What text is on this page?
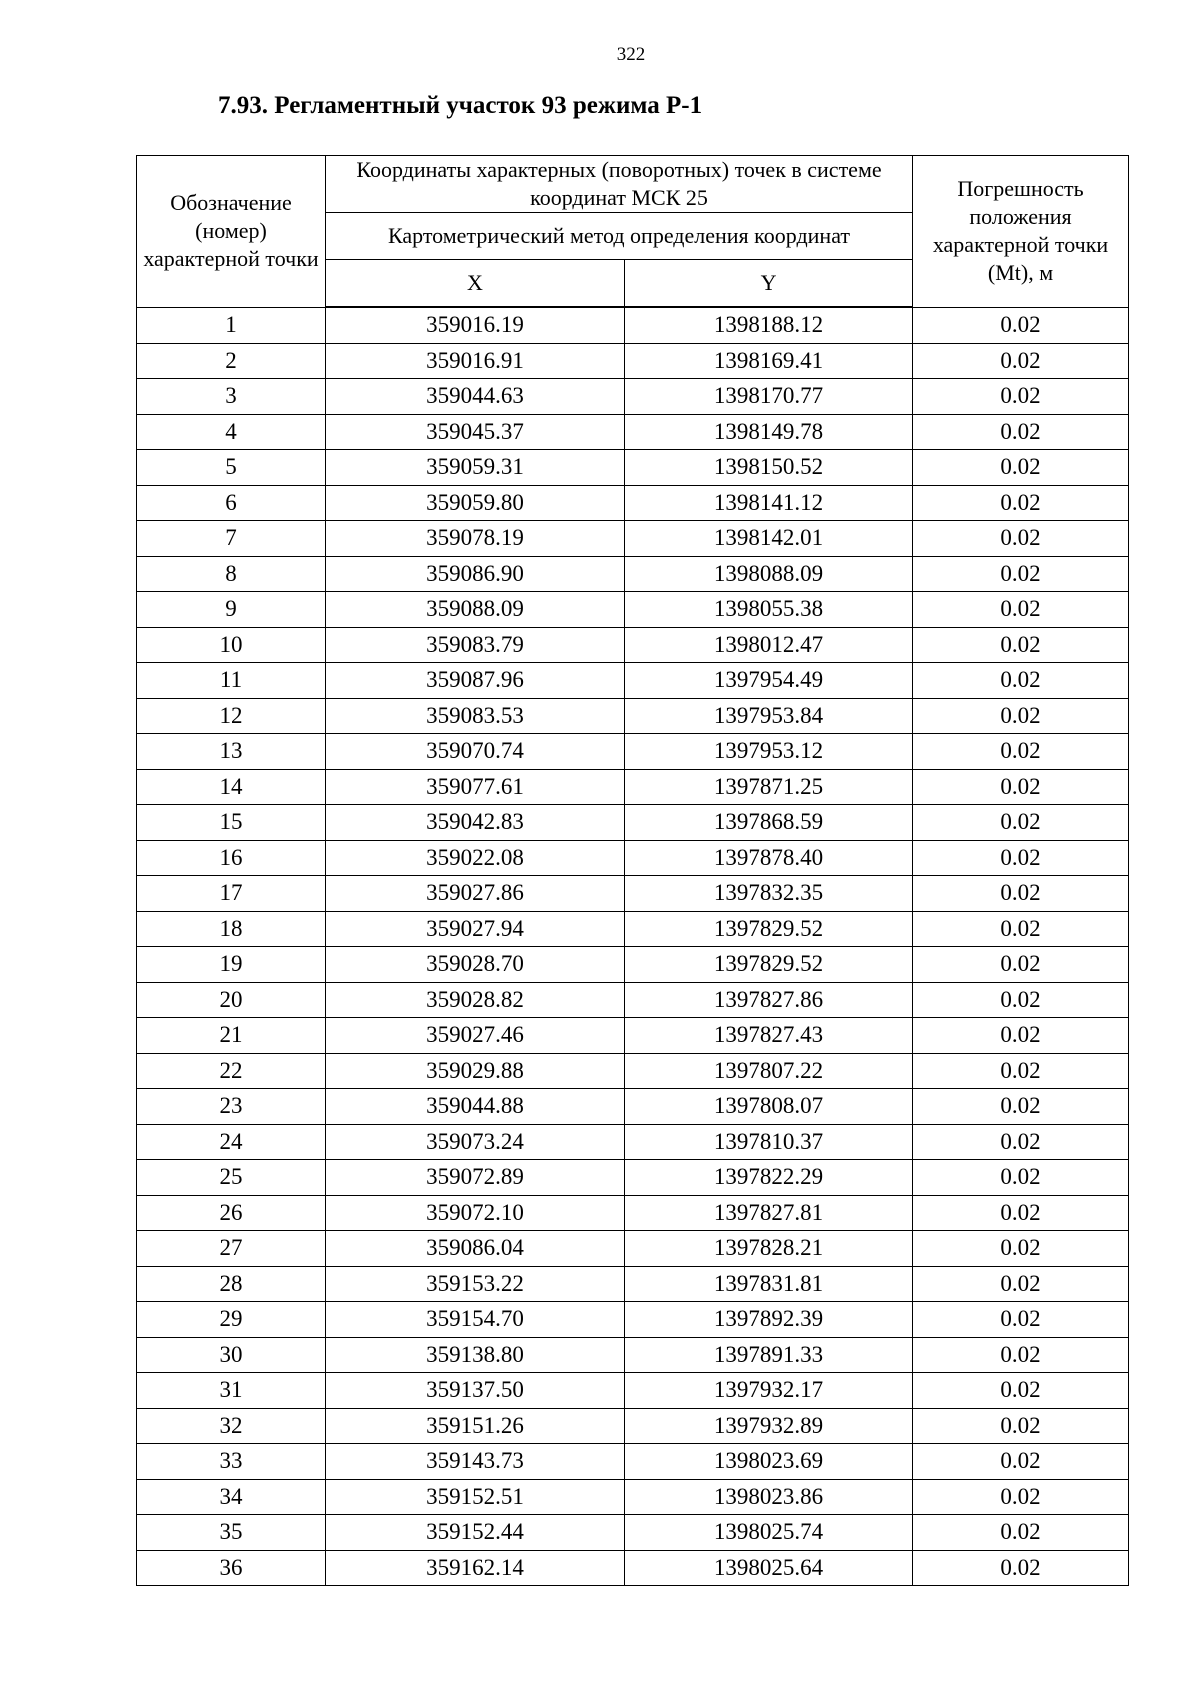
322
7.93. Регламентный участок 93 режима Р-1
Обозначение (номер) характерной точки	Координаты характерных (поворотных) точек в системе координат МСК 25		Погрешность положения характерной точки (Mt), м
	Картометрический метод определения координат		
	X	Y	
1	359016.19	1398188.12	0.02
2	359016.91	1398169.41	0.02
3	359044.63	1398170.77	0.02
4	359045.37	1398149.78	0.02
5	359059.31	1398150.52	0.02
6	359059.80	1398141.12	0.02
7	359078.19	1398142.01	0.02
8	359086.90	1398088.09	0.02
9	359088.09	1398055.38	0.02
10	359083.79	1398012.47	0.02
11	359087.96	1397954.49	0.02
12	359083.53	1397953.84	0.02
13	359070.74	1397953.12	0.02
14	359077.61	1397871.25	0.02
15	359042.83	1397868.59	0.02
16	359022.08	1397878.40	0.02
17	359027.86	1397832.35	0.02
18	359027.94	1397829.52	0.02
19	359028.70	1397829.52	0.02
20	359028.82	1397827.86	0.02
21	359027.46	1397827.43	0.02
22	359029.88	1397807.22	0.02
23	359044.88	1397808.07	0.02
24	359073.24	1397810.37	0.02
25	359072.89	1397822.29	0.02
26	359072.10	1397827.81	0.02
27	359086.04	1397828.21	0.02
28	359153.22	1397831.81	0.02
29	359154.70	1397892.39	0.02
30	359138.80	1397891.33	0.02
31	359137.50	1397932.17	0.02
32	359151.26	1397932.89	0.02
33	359143.73	1398023.69	0.02
34	359152.51	1398023.86	0.02
35	359152.44	1398025.74	0.02
36	359162.14	1398025.64	0.02
